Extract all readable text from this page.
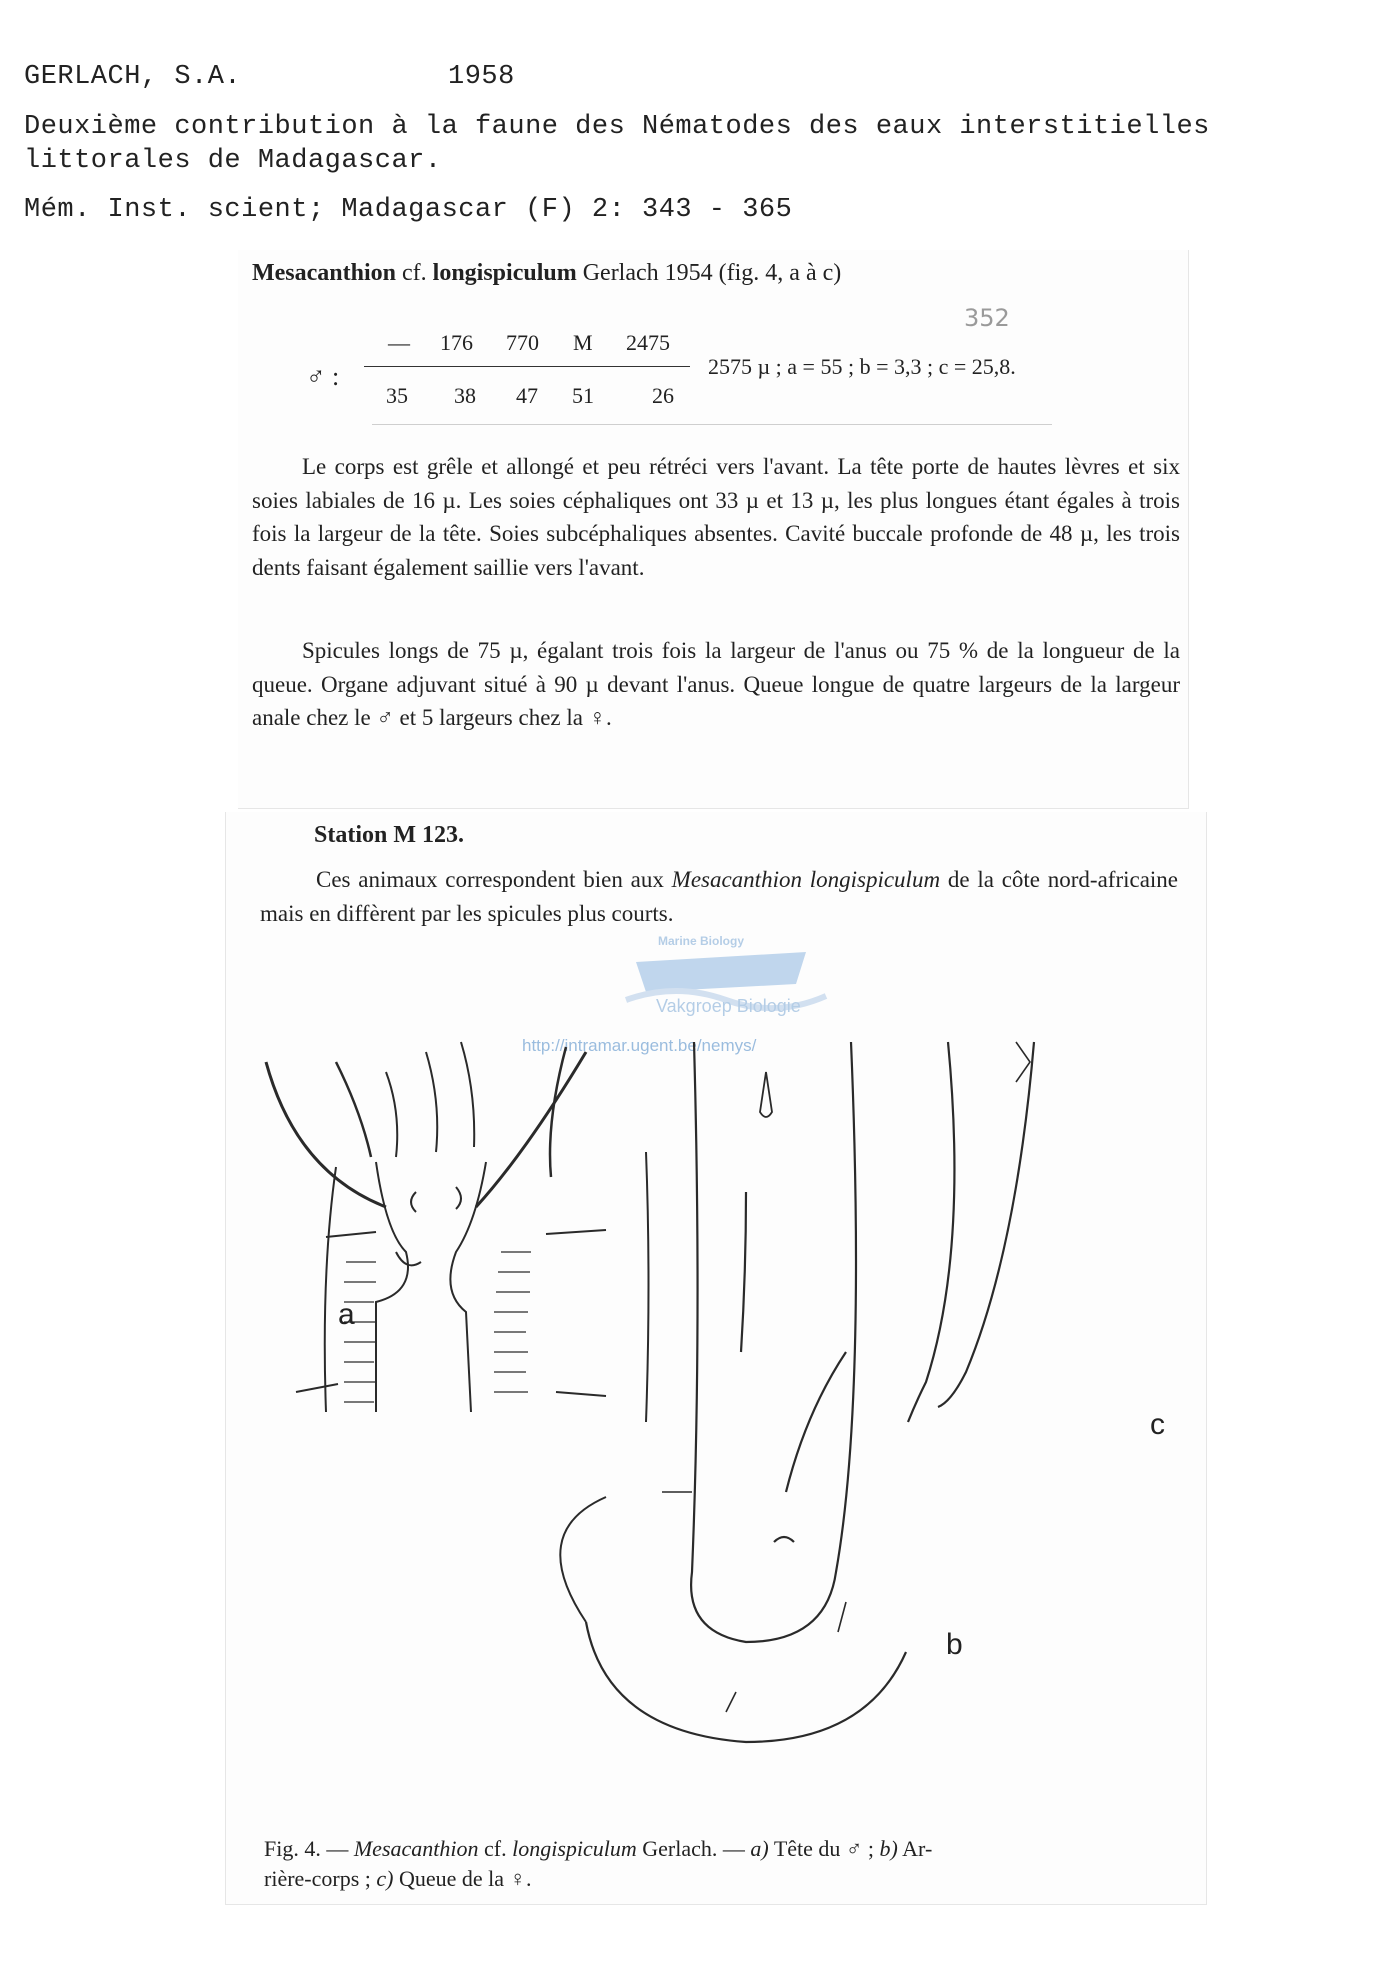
GERLACH, S.A.	1958
Deuxième contribution à la faune des Nématodes des eaux interstitielles
littorales de Madagascar.
Mém. Inst. scient; Madagascar (F) 2: 343 - 365
Mesacanthion cf. longispiculum Gerlach 1954 (fig. 4, a à c)
352
♂ :
— 176 770 M 2475
2575 µ ; a = 55 ; b = 3,3 ; c = 25,8.
35 38 47 51	26
Le corps est grêle et allongé et peu rétréci vers l'avant. La tête porte de hautes lèvres et six soies labiales de 16 µ. Les soies céphaliques ont 33 µ et 13 µ, les plus longues étant égales à trois fois la largeur de la tête. Soies subcéphaliques absentes. Cavité buccale profonde de 48 µ, les trois dents faisant également saillie vers l'avant.
Spicules longs de 75 µ, égalant trois fois la largeur de l'anus ou 75 % de la longueur de la queue. Organe adjuvant situé à 90 µ devant l'anus. Queue longue de quatre largeurs de la largeur anale chez le ♂ et 5 largeurs chez la ♀.
Station M 123.
Ces animaux correspondent bien aux Mesacanthion longispiculum de la côte nord-africaine mais en diffèrent par les spicules plus courts.
Marine Biology
Vakgroep Biologie
http://intramar.ugent.be/nemys/
a
b
c
Fig. 4. — Mesacanthion cf. longispiculum Gerlach. — a) Tête du ♂ ; b) Ar-
rière-corps ; c) Queue de la ♀.
